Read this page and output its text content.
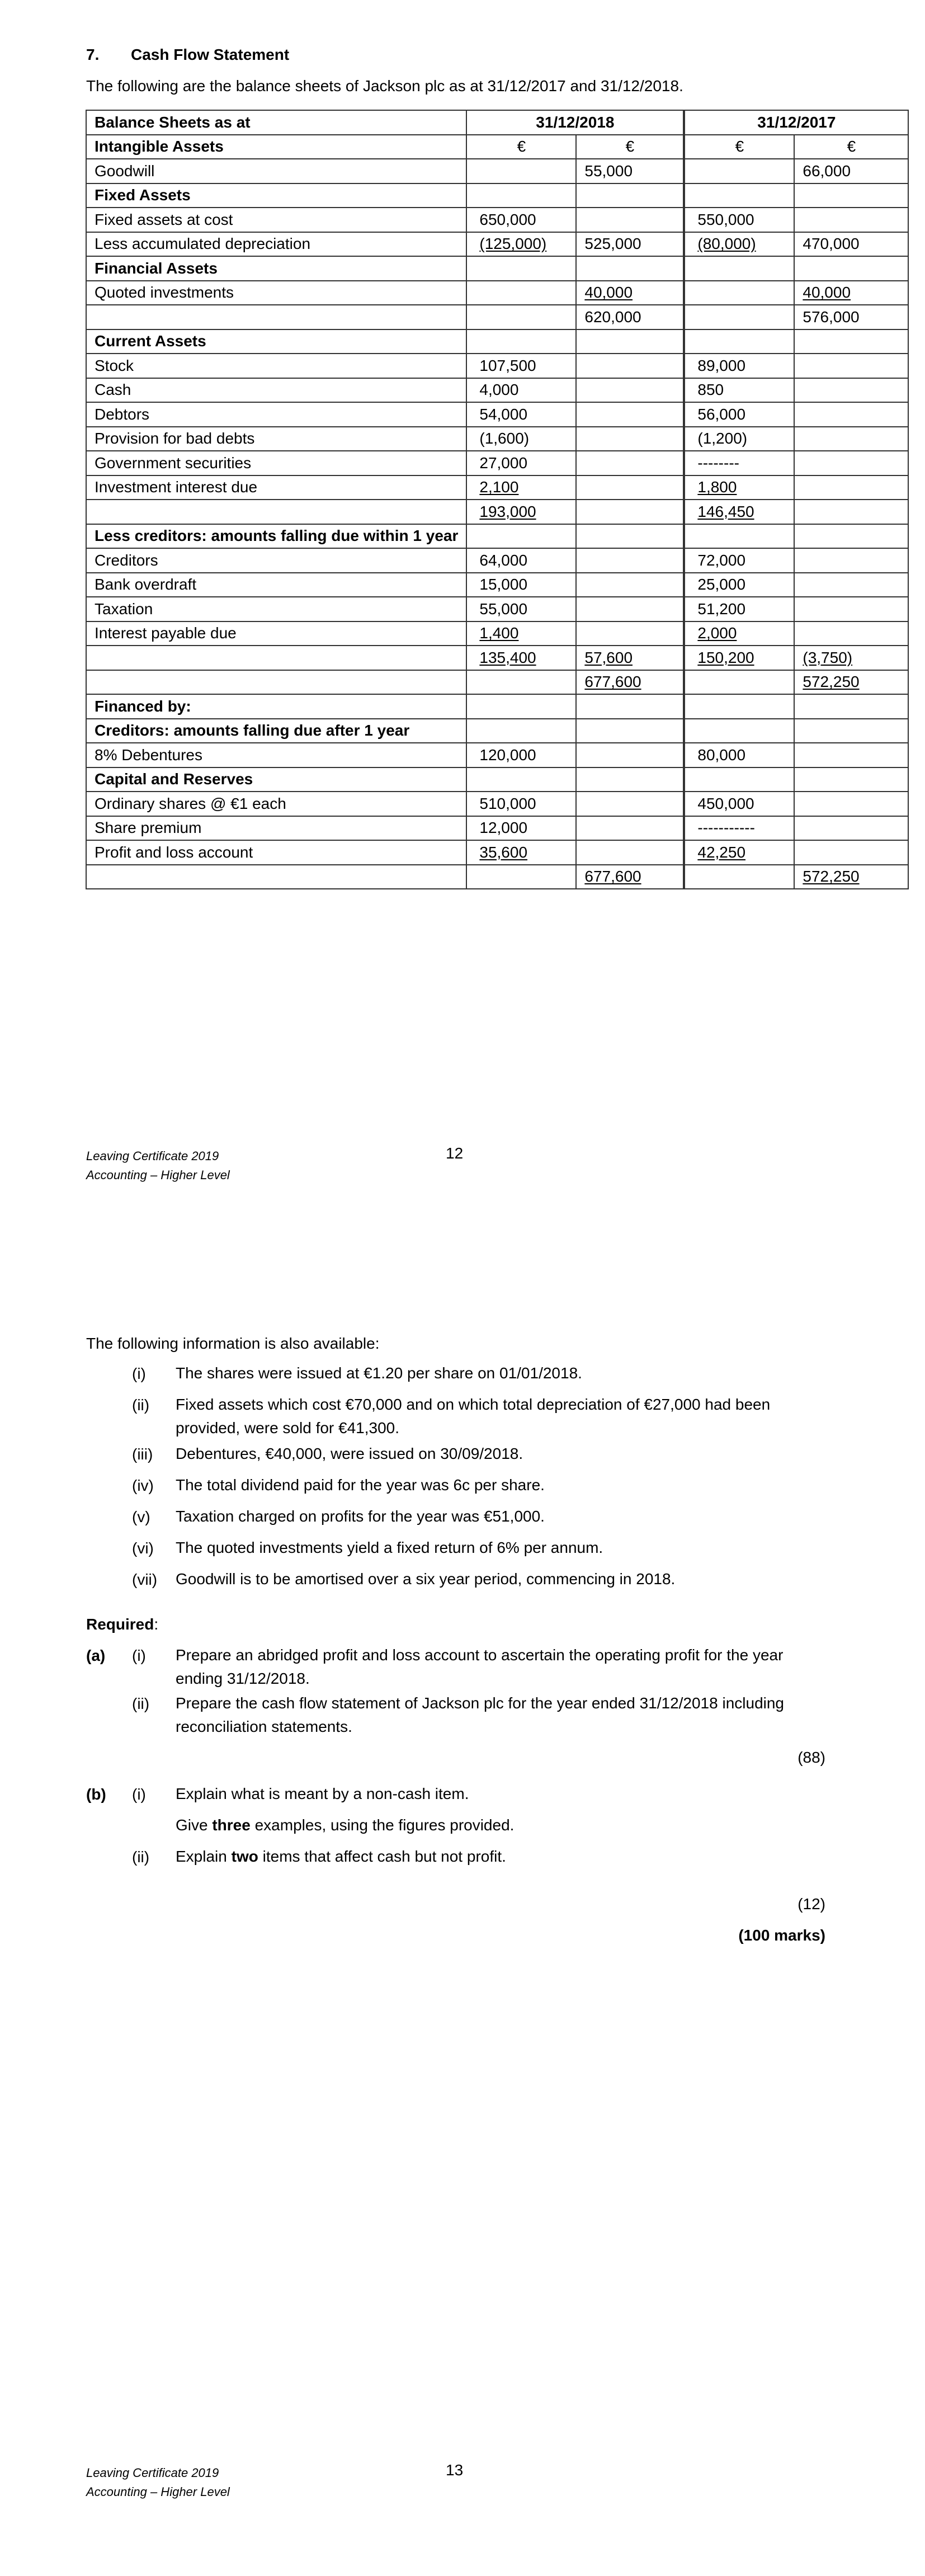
7. Cash Flow Statement
The following are the balance sheets of Jackson plc as at 31/12/2017 and 31/12/2018.
Balance Sheets as at	31/12/2018		31/12/2017	
Intangible Assets	€	€	€	€
Goodwill		55,000		66,000
Fixed Assets				
Fixed assets at cost	650,000		550,000	
Less accumulated depreciation	(125,000)	525,000	(80,000)	470,000
Financial Assets				
Quoted investments		40,000		40,000
		620,000		576,000
Current Assets				
Stock	107,500		89,000	
Cash	4,000		850	
Debtors	54,000		56,000	
Provision for bad debts	(1,600)		(1,200)	
Government securities	27,000		--------	
Investment interest due	2,100		1,800	
	193,000		146,450	
Less creditors: amounts falling due within 1 year				
Creditors	64,000		72,000	
Bank overdraft	15,000		25,000	
Taxation	55,000		51,200	
Interest payable due	1,400		2,000	
	135,400	57,600	150,200	(3,750)
		677,600		572,250
Financed by:				
Creditors: amounts falling due after 1 year				
8% Debentures	120,000		80,000	
Capital and Reserves				
Ordinary shares @ €1 each	510,000		450,000	
Share premium	12,000		-----------	
Profit and loss account	35,600		42,250	
		677,600		572,250
Leaving Certificate 2019
Accounting – Higher Level
12
The following information is also available:
(i) The shares were issued at €1.20 per share on 01/01/2018.
(ii) Fixed assets which cost €70,000 and on which total depreciation of €27,000 had been provided, were sold for €41,300.
(iii) Debentures, €40,000, were issued on 30/09/2018.
(iv) The total dividend paid for the year was 6c per share.
(v) Taxation charged on profits for the year was €51,000.
(vi) The quoted investments yield a fixed return of 6% per annum.
(vii) Goodwill is to be amortised over a six year period, commencing in 2018.
Required:
(a) (i) Prepare an abridged profit and loss account to ascertain the operating profit for the year ending 31/12/2018.
(ii) Prepare the cash flow statement of Jackson plc for the year ended 31/12/2018 including reconciliation statements.
(88)
(b) (i) Explain what is meant by a non-cash item.
Give three examples, using the figures provided.
(ii) Explain two items that affect cash but not profit.
(12)
(100 marks)
Leaving Certificate 2019
Accounting – Higher Level
13
